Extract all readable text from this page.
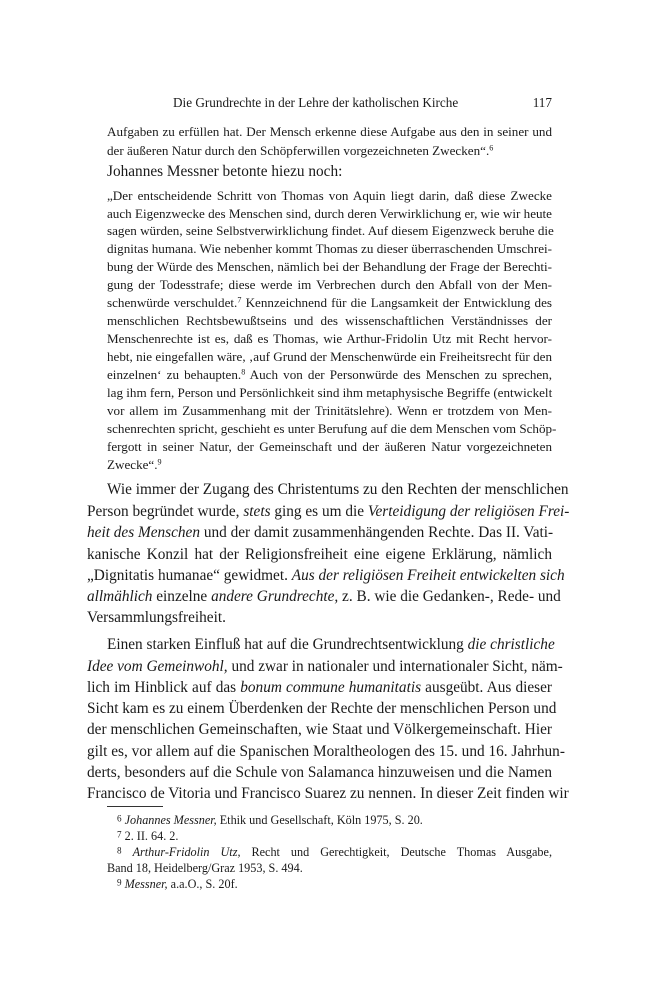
Die Grundrechte in der Lehre der katholischen Kirche	117
Aufgaben zu erfüllen hat. Der Mensch erkenne diese Aufgabe aus den in seiner und
der äußeren Natur durch den Schöpferwillen vorgezeichneten Zwecken“.$^6$
Johannes Messner betonte hiezu noch:
„Der entscheidende Schritt von Thomas von Aquin liegt darin, daß diese Zwecke
auch Eigenzwecke des Menschen sind, durch deren Verwirklichung er, wie wir heute
sagen würden, seine Selbstverwirklichung findet. Auf diesem Eigenzweck beruhe die
dignitas humana. Wie nebenher kommt Thomas zu dieser überraschenden Umschrei-
bung der Würde des Menschen, nämlich bei der Behandlung der Frage der Berechti-
gung der Todesstrafe; diese werde im Verbrechen durch den Abfall von der Men-
schenwürde verschuldet.$^7$ Kennzeichnend für die Langsamkeit der Entwicklung des
menschlichen Rechtsbewußtseins und des wissenschaftlichen Verständnisses der
Menschenrechte ist es, daß es Thomas, wie Arthur-Fridolin Utz mit Recht hervor-
hebt, nie eingefallen wäre, ‚auf Grund der Menschenwürde ein Freiheitsrecht für den
einzelnen‘ zu behaupten.$^8$ Auch von der Personwürde des Menschen zu sprechen,
lag ihm fern, Person und Persönlichkeit sind ihm metaphysische Begriffe (entwickelt
vor allem im Zusammenhang mit der Trinitätslehre). Wenn er trotzdem von Men-
schenrechten spricht, geschieht es unter Berufung auf die dem Menschen vom Schöp-
fergott in seiner Natur, der Gemeinschaft und der äußeren Natur vorgezeichneten
Zwecke“.$^9$
Wie immer der Zugang des Christentums zu den Rechten der menschlichen
Person begründet wurde, stets ging es um die Verteidigung der religiösen Frei-
heit des Menschen und der damit zusammenhängenden Rechte. Das II. Vati-
kanische Konzil hat der Religionsfreiheit eine eigene Erklärung, nämlich
„Dignitatis humanae“ gewidmet. Aus der religiösen Freiheit entwickelten sich
allmählich einzelne andere Grundrechte, z. B. wie die Gedanken-, Rede- und
Versammlungsfreiheit.
Einen starken Einfluß hat auf die Grundrechtsentwicklung die christliche
Idee vom Gemeinwohl, und zwar in nationaler und internationaler Sicht, näm-
lich im Hinblick auf das bonum commune humanitatis ausgeübt. Aus dieser
Sicht kam es zu einem Überdenken der Rechte der menschlichen Person und
der menschlichen Gemeinschaften, wie Staat und Völkergemeinschaft. Hier
gilt es, vor allem auf die Spanischen Moraltheologen des 15. und 16. Jahrhun-
derts, besonders auf die Schule von Salamanca hinzuweisen und die Namen
Francisco de Vitoria und Francisco Suarez zu nennen. In dieser Zeit finden wir
$^6$ Johannes Messner, Ethik und Gesellschaft, Köln 1975, S. 20.
$^7$ 2. II. 64. 2.
$^8$ Arthur-Fridolin Utz, Recht und Gerechtigkeit, Deutsche Thomas Ausgabe,
Band 18, Heidelberg/Graz 1953, S. 494.
$^9$ Messner, a.a.O., S. 20f.
